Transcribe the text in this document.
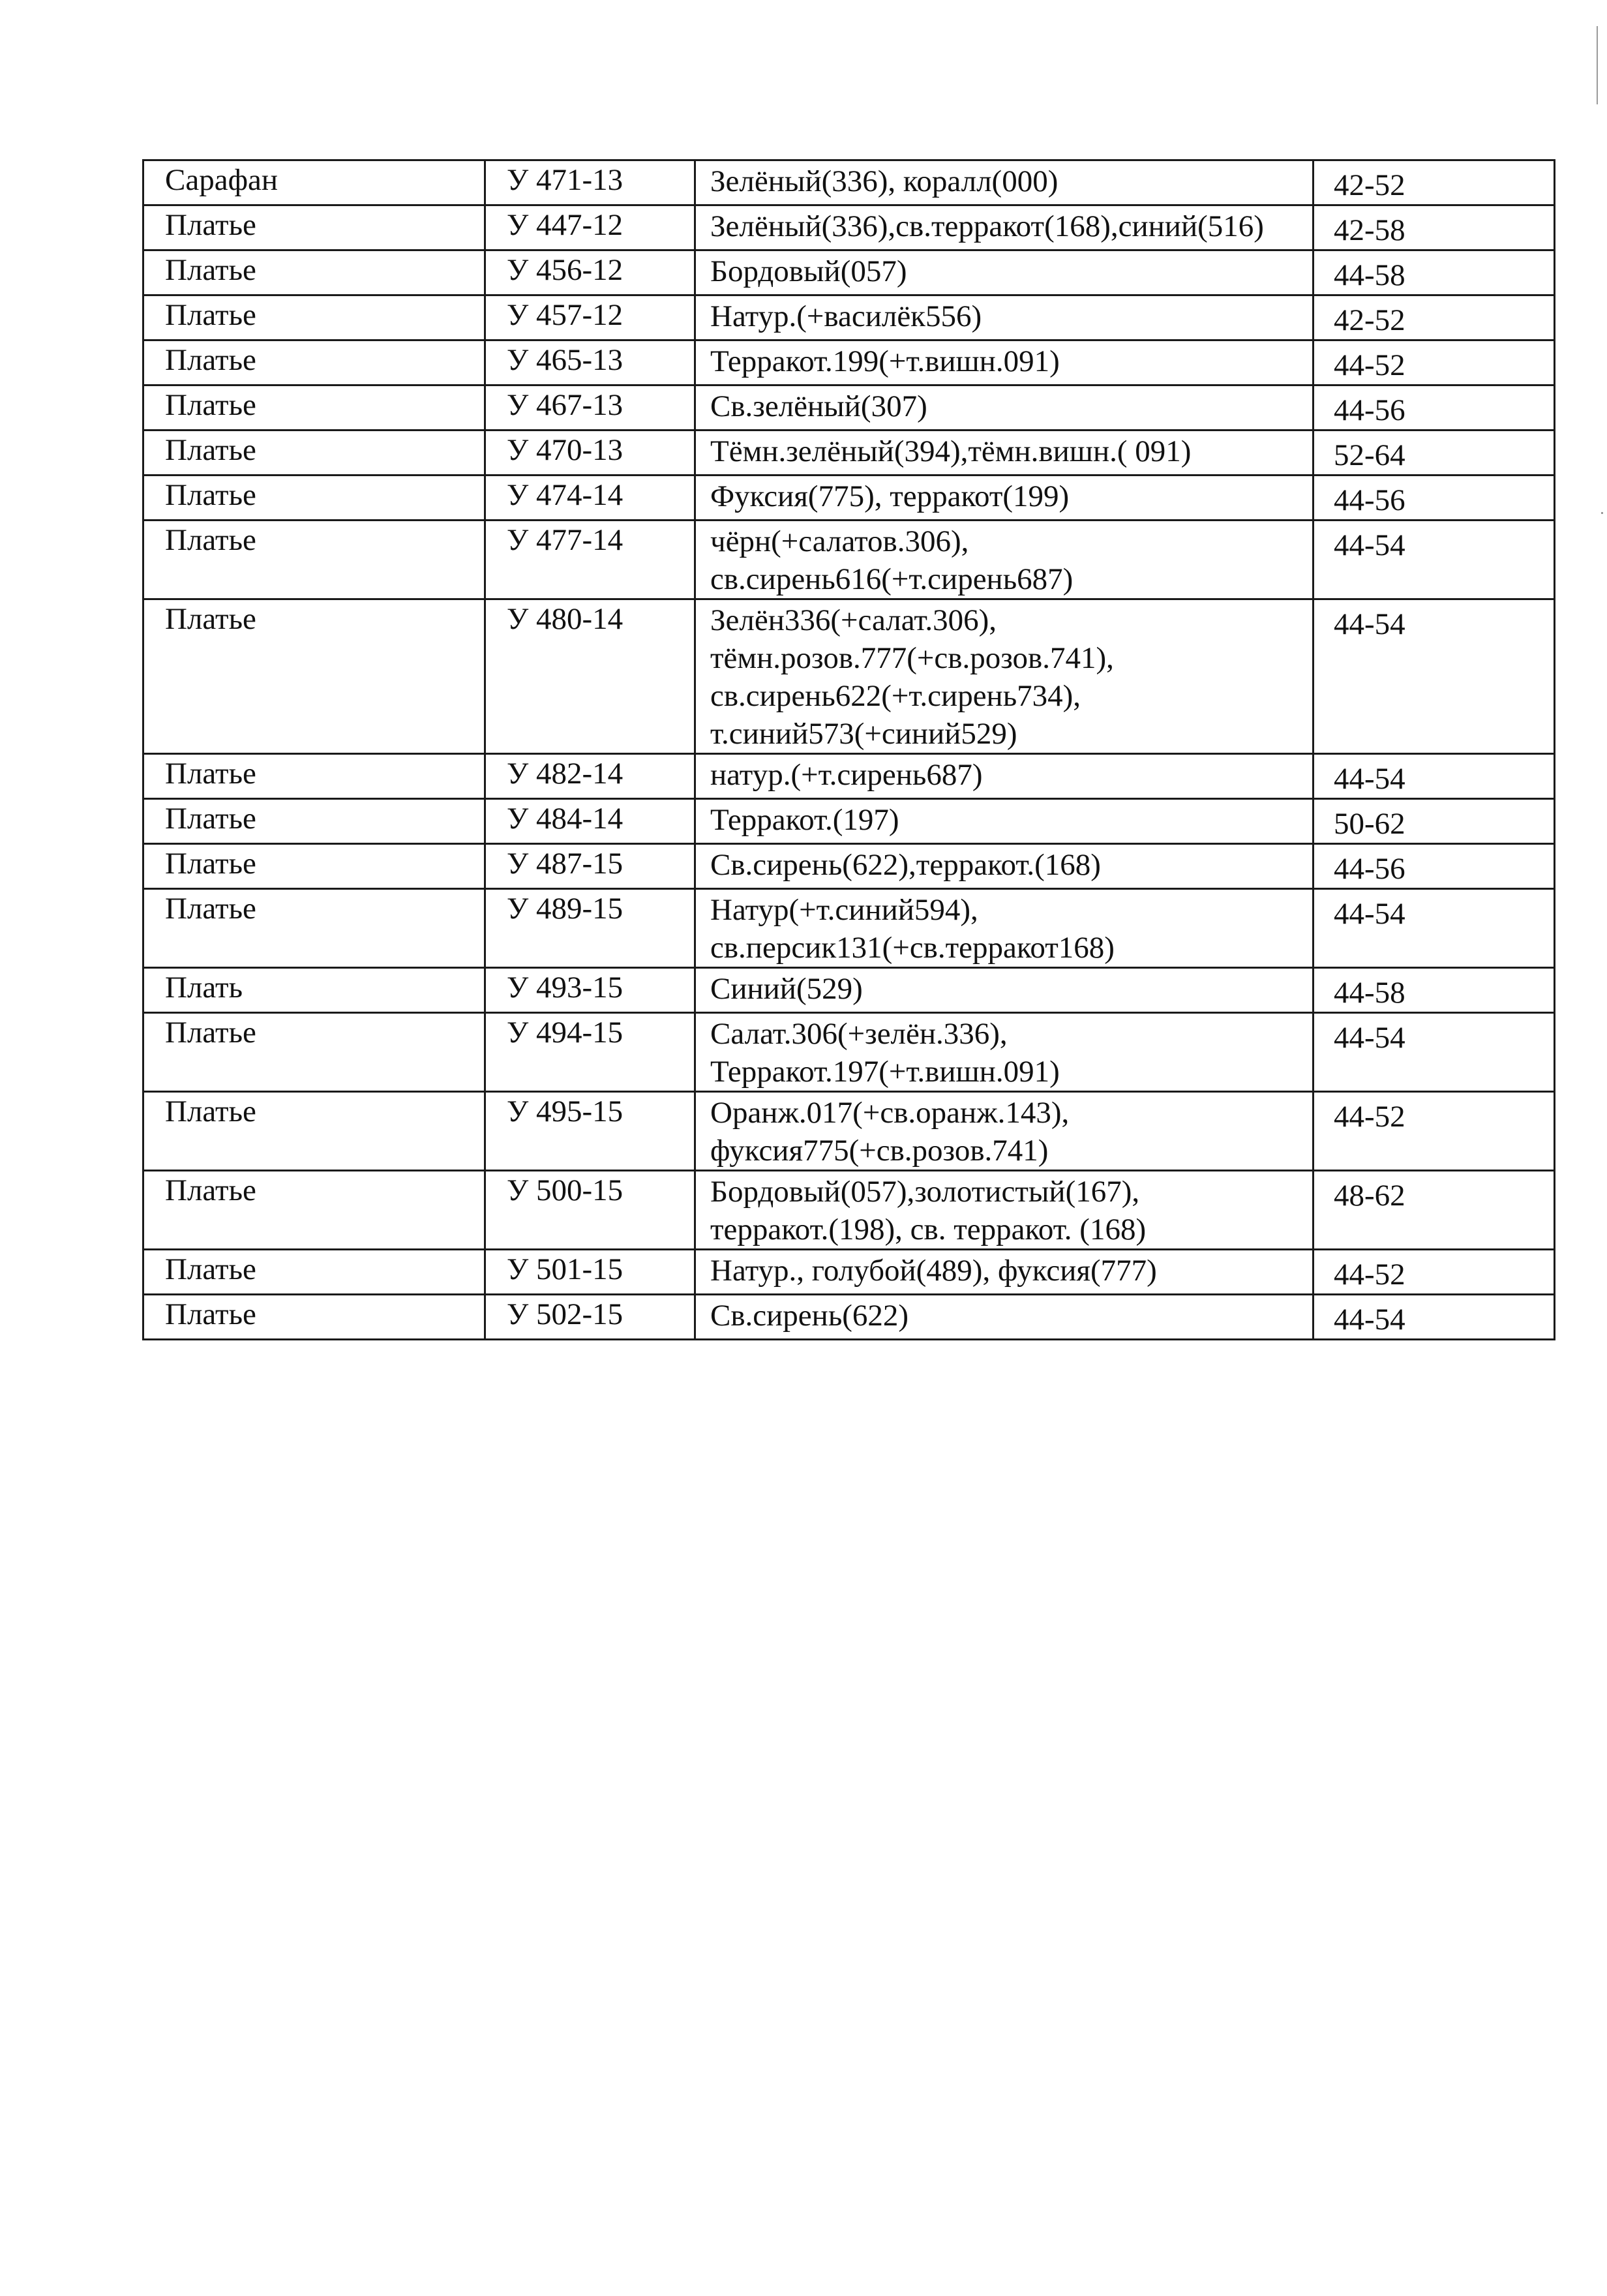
Сарафан	У 471-13	Зелёный(336), коралл(000)	42-52
Платье	У 447-12	Зелёный(336),св.терракот(168),синий(516)	42-58
Платье	У 456-12	Бордовый(057)	44-58
Платье	У 457-12	Натур.(+василёк556)	42-52
Платье	У 465-13	Терракот.199(+т.вишн.091)	44-52
Платье	У 467-13	Св.зелёный(307)	44-56
Платье	У 470-13	Тёмн.зелёный(394),тёмн.вишн.( 091)	52-64
Платье	У 474-14	Фуксия(775), терракот(199)	44-56
Платье	У 477-14	чёрн(+салатов.306),
св.сирень616(+т.сирень687)	44-54
Платье	У 480-14	Зелён336(+салат.306),
тёмн.розов.777(+св.розов.741),
св.сирень622(+т.сирень734),
т.синий573(+синий529)	44-54
Платье	У 482-14	натур.(+т.сирень687)	44-54
Платье	У 484-14	Терракот.(197)	50-62
Платье	У 487-15	Св.сирень(622),терракот.(168)	44-56
Платье	У 489-15	Натур(+т.синий594),
св.персик131(+св.терракот168)	44-54
Плать	У 493-15	Синий(529)	44-58
Платье	У 494-15	Салат.306(+зелён.336),
Терракот.197(+т.вишн.091)	44-54
Платье	У 495-15	Оранж.017(+св.оранж.143),
фуксия775(+св.розов.741)	44-52
Платье	У 500-15	Бордовый(057),золотистый(167),
терракот.(198), св. терракот. (168)	48-62
Платье	У 501-15	Натур., голубой(489), фуксия(777)	44-52
Платье	У 502-15	Св.сирень(622)	44-54
